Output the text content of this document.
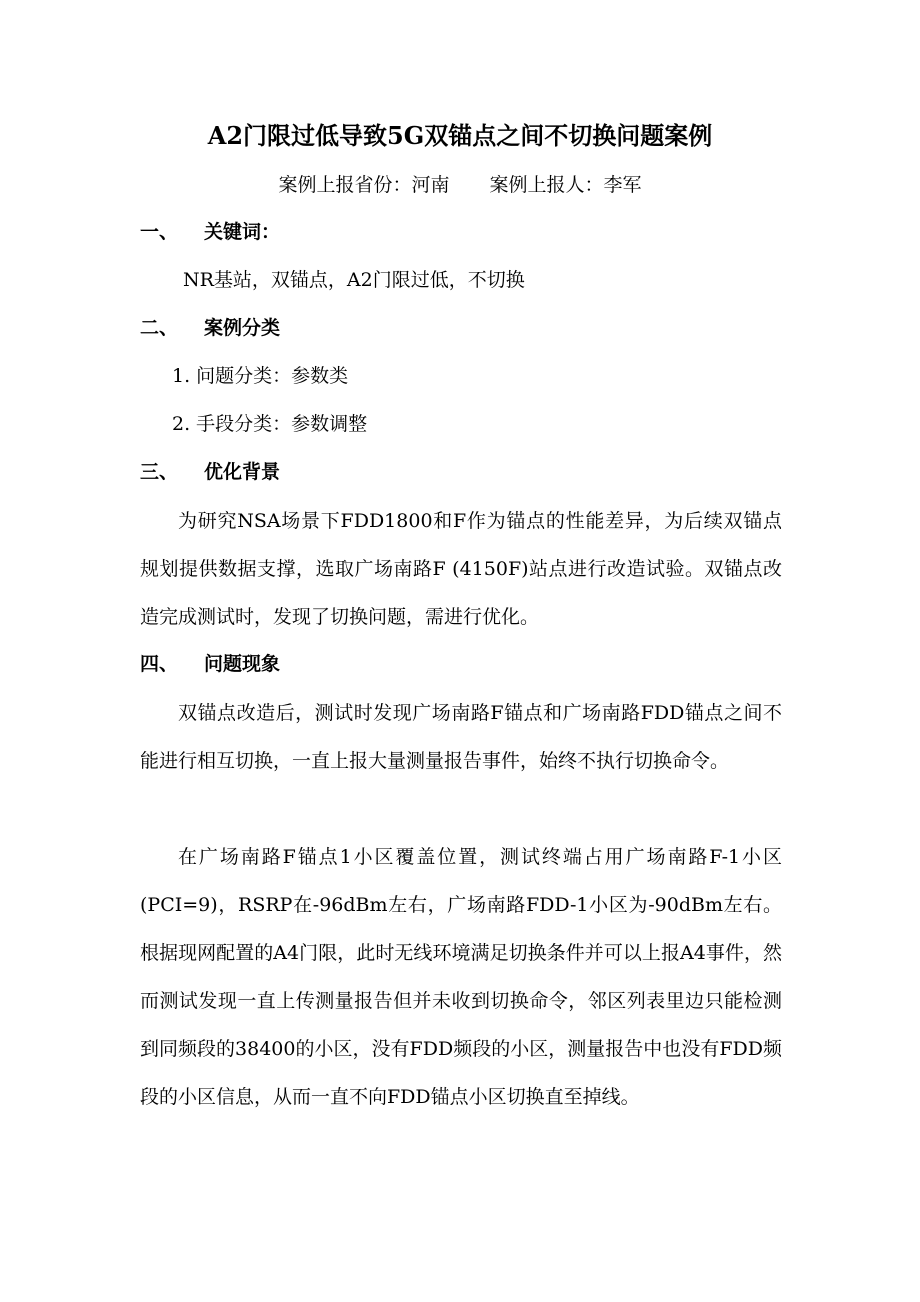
A2门限过低导致5G双锚点之间不切换问题案例
案例上报省份：河南 案例上报人：李军
一、 关键词：
NR基站，双锚点，A2门限过低，不切换
二、 案例分类
1. 问题分类：参数类
2. 手段分类：参数调整
三、 优化背景

为研究NSA场景下FDD1800和F作为锚点的性能差异，为后续双锚点规划提供数据支撑，选取广场南路F (4150F)站点进行改造试验。双锚点改造完成测试时，发现了切换问题，需进行优化。

四、 问题现象

双锚点改造后，测试时发现广场南路F锚点和广场南路FDD锚点之间不能进行相互切换，一直上报大量测量报告事件，始终不执行切换命令。

在广场南路F锚点1小区覆盖位置，测试终端占用广场南路F-1小区(PCI=9)，RSRP在-96dBm左右，广场南路FDD-1小区为-90dBm左右。根据现网配置的A4门限，此时无线环境满足切换条件并可以上报A4事件，然而测试发现一直上传测量报告但并未收到切换命令，邻区列表里边只能检测到同频段的38400的小区，没有FDD频段的小区，测量报告中也没有FDD频段的小区信息，从而一直不向FDD锚点小区切换直至掉线。
